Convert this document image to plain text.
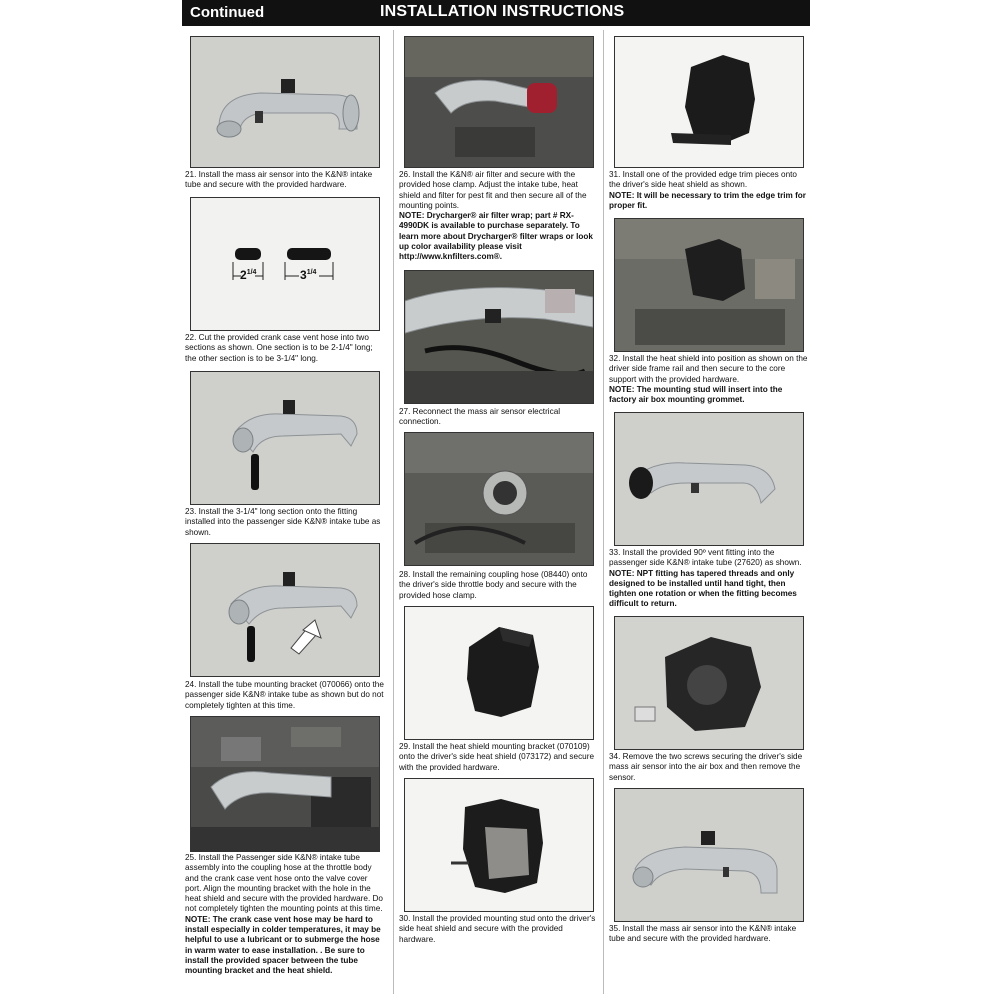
Continued	INSTALLATION INSTRUCTIONS
21. Install the mass air sensor into the K&N® intake tube and secure with the provided hardware.
$2^{1/4}$	$3^{1/4}$
22. Cut the provided crank case vent hose into two sections as shown. One section is to be 2-1/4" long; the other section is to be 3-1/4" long.
23. Install the 3-1/4" long section onto the fitting installed into the passenger side K&N® intake tube as shown.
24. Install the tube mounting bracket (070066) onto the passenger side K&N® intake tube as shown but do not completely tighten at this time.
25. Install the Passenger side K&N® intake tube assembly into the coupling hose at the throttle body and the crank case vent hose onto the valve cover port. Align the mounting bracket with the hole in the heat shield and secure with the provided hardware. Do not completely tighten the mounting points at this time.
NOTE: The crank case vent hose may be hard to install especially in colder temperatures, it may be helpful to use a lubricant or to submerge the hose in warm water to ease installation. . Be sure to install the provided spacer between the tube mounting bracket and the heat shield.
26. Install the K&N® air filter and secure with the provided hose clamp. Adjust the intake tube, heat shield and filter for pest fit and then secure all of the mounting points.
NOTE: Drycharger® air filter wrap; part # RX-4990DK is available to purchase separately. To learn more about Drycharger® filter wraps or look up color availability please visit http://www.knfilters.com®.
27. Reconnect the mass air sensor electrical connection.
28. Install the remaining coupling hose (08440) onto the driver's side throttle body and secure with the provided hose clamp.
29. Install the heat shield mounting bracket (070109) onto the driver's side heat shield (073172) and secure with the provided hardware.
30. Install the provided mounting stud onto the driver's side heat shield and secure with the provided hardware.
31. Install one of the provided edge trim pieces onto the driver's side heat shield as shown.
NOTE: It will be necessary to trim the edge trim for proper fit.
32. Install the heat shield into position as shown on the driver side frame rail and then secure to the core support with the provided hardware.
NOTE: The mounting stud will insert into the factory air box mounting grommet.
33. Install the provided 90º vent fitting into the passenger side K&N® intake tube (27620) as shown. NOTE: NPT fitting has tapered threads and only designed to be installed until hand tight, then tighten one rotation or when the fitting becomes difficult to return.
34. Remove the two screws securing the driver's side mass air sensor into the air box and then remove the sensor.
35. Install the mass air sensor into the K&N® intake tube and secure with the provided hardware.
